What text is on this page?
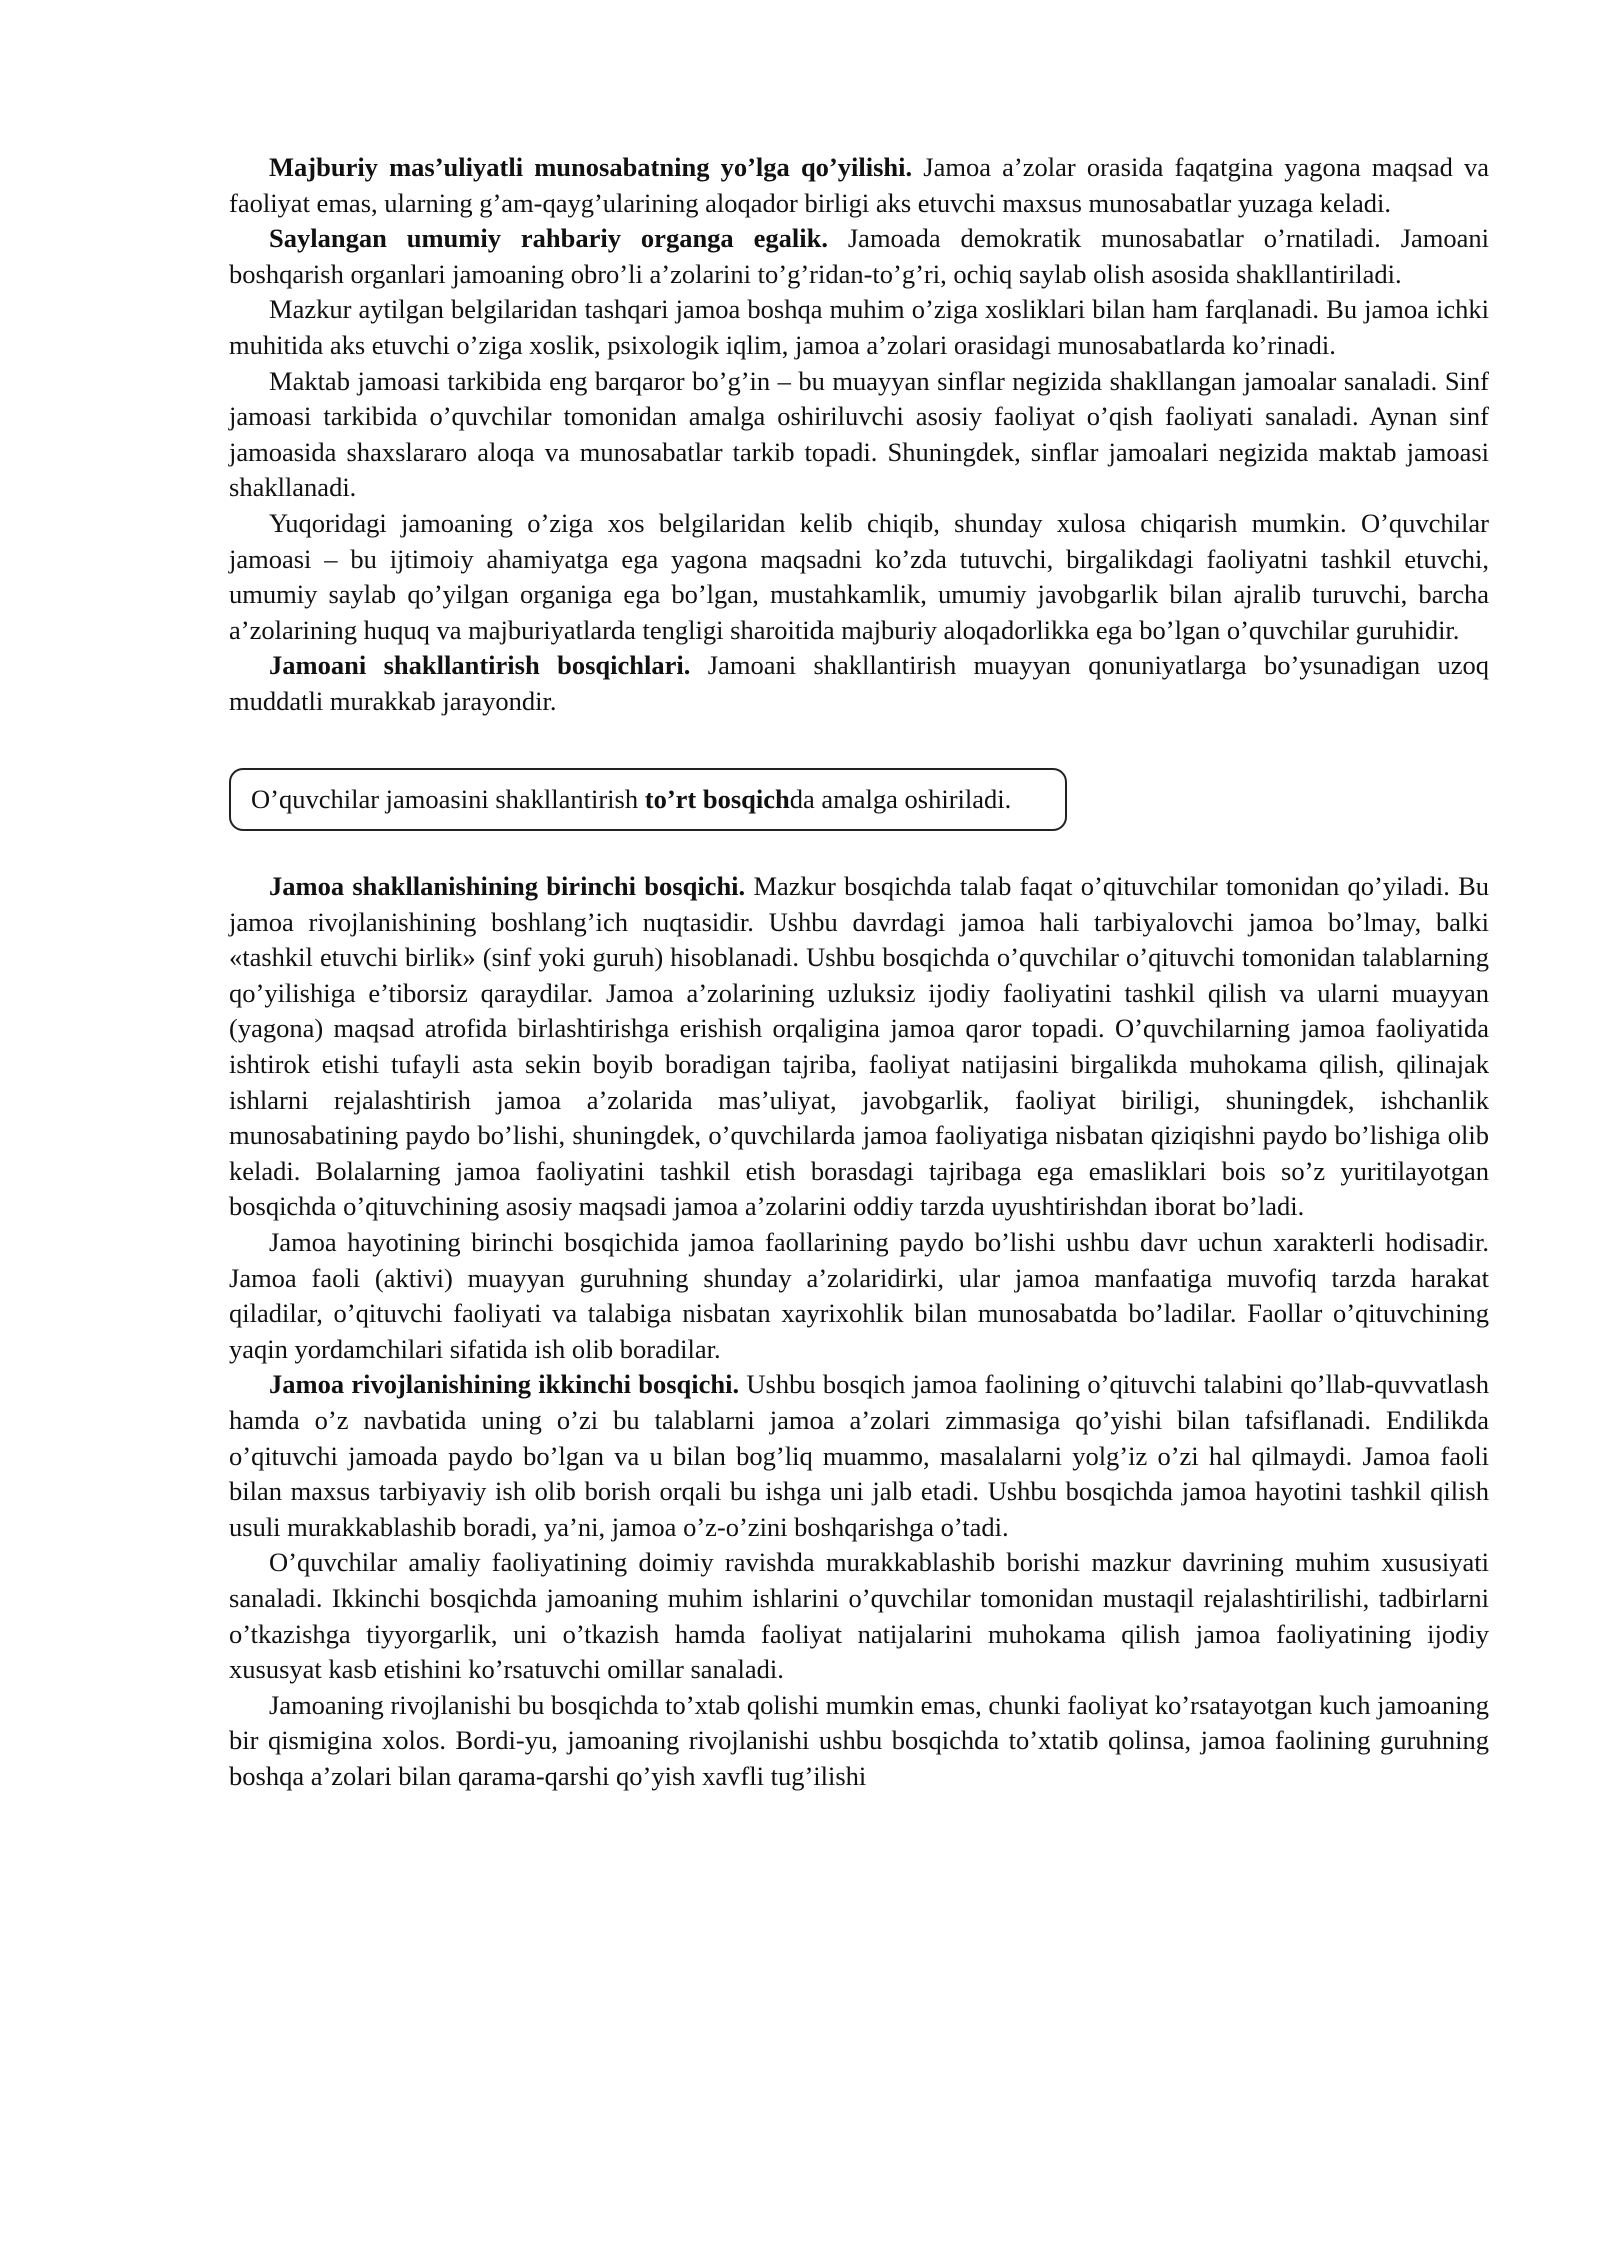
Majburiy mas’uliyatli munosabatning yo’lga qo’yilishi. Jamoa a’zolar orasida faqatgina yagona maqsad va faoliyat emas, ularning g’am-qayg’ularining aloqador birligi aks etuvchi maxsus munosabatlar yuzaga keladi.

Saylangan umumiy rahbariy organga egalik. Jamoada demokratik munosabatlar o’rnatiladi. Jamoani boshqarish organlari jamoaning obro’li a’zolarini to’g’ridan-to’g’ri, ochiq saylab olish asosida shakllantiriladi.

Mazkur aytilgan belgilaridan tashqari jamoa boshqa muhim o’ziga xosliklari bilan ham farqlanadi. Bu jamoa ichki muhitida aks etuvchi o’ziga xoslik, psixologik iqlim, jamoa a’zolari orasidagi munosabatlarda ko’rinadi.

Maktab jamoasi tarkibida eng barqaror bo’g’in – bu muayyan sinflar negizida shakllangan jamoalar sanaladi. Sinf jamoasi tarkibida o’quvchilar tomonidan amalga oshiriluvchi asosiy faoliyat o’qish faoliyati sanaladi. Aynan sinf jamoasida shaxslararo aloqa va munosabatlar tarkib topadi. Shuningdek, sinflar jamoalari negizida maktab jamoasi shakllanadi.

Yuqoridagi jamoaning o’ziga xos belgilaridan kelib chiqib, shunday xulosa chiqarish mumkin. O’quvchilar jamoasi – bu ijtimoiy ahamiyatga ega yagona maqsadni ko’zda tutuvchi, birgalikdagi faoliyatni tashkil etuvchi, umumiy saylab qo’yilgan organiga ega bo’lgan, mustahkamlik, umumiy javobgarlik bilan ajralib turuvchi, barcha a’zolarining huquq va majburiyatlarda tengligi sharoitida majburiy aloqadorlikka ega bo’lgan o’quvchilar guruhidir.

Jamoani shakllantirish bosqichlari. Jamoani shakllantirish muayyan qonuniyatlarga bo’ysunadigan uzoq muddatli murakkab jarayondir.

O’quvchilar jamoasini shakllantirish to’rt bosqichda amalga oshiriladi.

Jamoa shakllanishining birinchi bosqichi. Mazkur bosqichda talab faqat o’qituvchilar tomonidan qo’yiladi. Bu jamoa rivojlanishining boshlang’ich nuqtasidir. Ushbu davrdagi jamoa hali tarbiyalovchi jamoa bo’lmay, balki «tashkil etuvchi birlik» (sinf yoki guruh) hisoblanadi. Ushbu bosqichda o’quvchilar o’qituvchi tomonidan talablarning qo’yilishiga e’tiborsiz qaraydilar. Jamoa a’zolarining uzluksiz ijodiy faoliyatini tashkil qilish va ularni muayyan (yagona) maqsad atrofida birlashtirishga erishish orqaligina jamoa qaror topadi. O’quvchilarning jamoa faoliyatida ishtirok etishi tufayli asta sekin boyib boradigan tajriba, faoliyat natijasini birgalikda muhokama qilish, qilinajak ishlarni rejalashtirish jamoa a’zolarida mas’uliyat, javobgarlik, faoliyat biriligi, shuningdek, ishchanlik munosabatining paydo bo’lishi, shuningdek, o’quvchilarda jamoa faoliyatiga nisbatan qiziqishni paydo bo’lishiga olib keladi. Bolalarning jamoa faoliyatini tashkil etish borasdagi tajribaga ega emasliklari bois so’z yuritilayotgan bosqichda o’qituvchining asosiy maqsadi jamoa a’zolarini oddiy tarzda uyushtirishdan iborat bo’ladi.

Jamoa hayotining birinchi bosqichida jamoa faollarining paydo bo’lishi ushbu davr uchun xarakterli hodisadir. Jamoa faoli (aktivi) muayyan guruhning shunday a’zolaridirki, ular jamoa manfaatiga muvofiq tarzda harakat qiladilar, o’qituvchi faoliyati va talabiga nisbatan xayrixohlik bilan munosabatda bo’ladilar. Faollar o’qituvchining yaqin yordamchilari sifatida ish olib boradilar.

Jamoa rivojlanishining ikkinchi bosqichi. Ushbu bosqich jamoa faolining o’qituvchi talabini qo’llab-quvvatlash hamda o’z navbatida uning o’zi bu talablarni jamoa a’zolari zimmasiga qo’yishi bilan tafsiflanadi. Endilikda o’qituvchi jamoada paydo bo’lgan va u bilan bog’liq muammo, masalalarni yolg’iz o’zi hal qilmaydi. Jamoa faoli bilan maxsus tarbiyaviy ish olib borish orqali bu ishga uni jalb etadi. Ushbu bosqichda jamoa hayotini tashkil qilish usuli murakkablashib boradi, ya’ni, jamoa o’z-o’zini boshqarishga o’tadi.

O’quvchilar amaliy faoliyatining doimiy ravishda murakkablashib borishi mazkur davrining muhim xususiyati sanaladi. Ikkinchi bosqichda jamoaning muhim ishlarini o’quvchilar tomonidan mustaqil rejalashtirilishi, tadbirlarni o’tkazishga tiyyorgarlik, uni o’tkazish hamda faoliyat natijalarini muhokama qilish jamoa faoliyatining ijodiy xususyat kasb etishini ko’rsatuvchi omillar sanaladi.

Jamoaning rivojlanishi bu bosqichda to’xtab qolishi mumkin emas, chunki faoliyat ko’rsatayotgan kuch jamoaning bir qismigina xolos. Bordi-yu, jamoaning rivojlanishi ushbu bosqichda to’xtatib qolinsa, jamoa faolining guruhning boshqa a’zolari bilan qarama-qarshi qo’yish xavfli tug’ilishi
